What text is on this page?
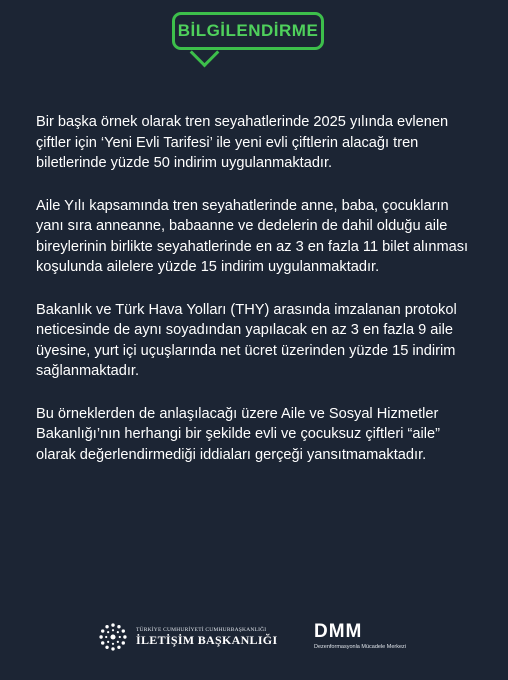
BİLGİLENDİRME

Bir başka örnek olarak tren seyahatlerinde 2025 yılında evlenen çiftler için ‘Yeni Evli Tarifesi’ ile yeni evli çiftlerin alacağı tren biletlerinde yüzde 50 indirim uygulanmaktadır.

Aile Yılı kapsamında tren seyahatlerinde anne, baba, çocukların yanı sıra anneanne, babaanne ve dedelerin de dahil olduğu aile bireylerinin birlikte seyahatlerinde en az 3 en fazla 11 bilet alınması koşulunda ailelere yüzde 15 indirim uygulanmaktadır.

Bakanlık ve Türk Hava Yolları (THY) arasında imzalanan protokol neticesinde de aynı soyadından yapılacak en az 3 en fazla 9 aile üyesine, yurt içi uçuşlarında net ücret üzerinden yüzde 15 indirim sağlanmaktadır.

Bu örneklerden de anlaşılacağı üzere Aile ve Sosyal Hizmetler Bakanlığı’nın herhangi bir şekilde evli ve çocuksuz çiftleri “aile” olarak değerlendirmediği iddiaları gerçeği yansıtmamaktadır.

TÜRKİYE CUMHURİYETİ CUMHURBAŞKANLIĞI
İLETİŞİM BAŞKANLIĞI DMM
Dezenformasyonla Mücadele Merkezi
